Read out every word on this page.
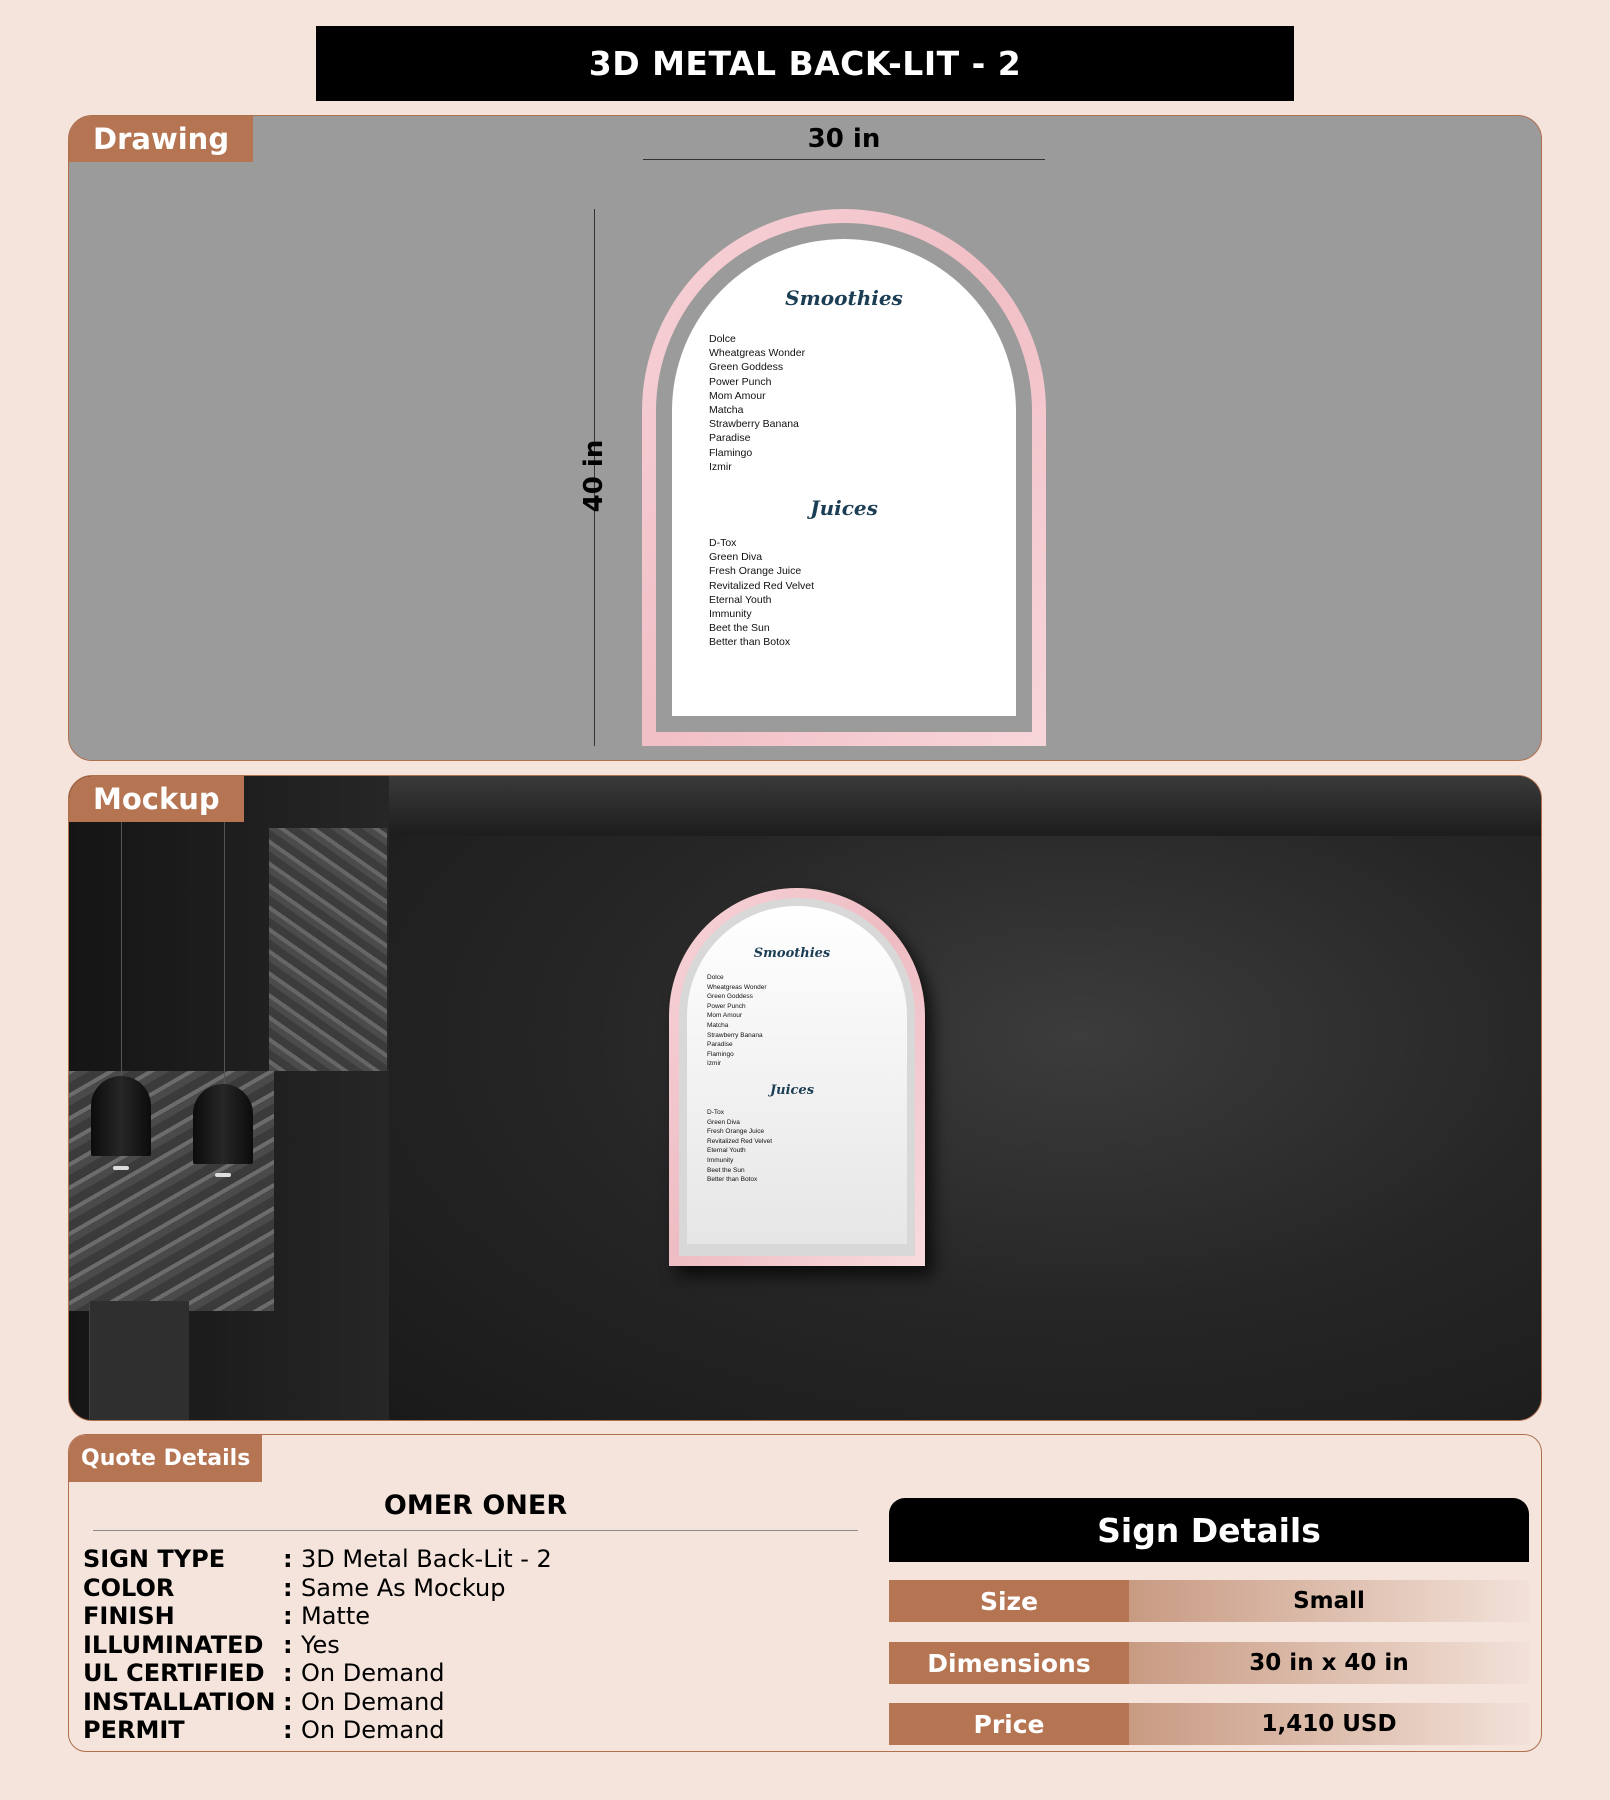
3D METAL BACK-LIT - 2
Drawing	30 in
40 in
Smoothies
Dolce
Wheatgreas Wonder
Green Goddess
Power Punch
Mom Amour
Matcha
Strawberry Banana
Paradise
Flamingo
Izmir
Juices
D-Tox
Green Diva
Fresh Orange Juice
Revitalized Red Velvet
Eternal Youth
Immunity
Beet the Sun
Better than Botox
Mockup
Smoothies
Dolce
Wheatgreas Wonder
Green Goddess
Power Punch
Mom Amour
Matcha
Strawberry Banana
Paradise
Flamingo
Izmir
Juices
D-Tox
Green Diva
Fresh Orange Juice
Revitalized Red Velvet
Eternal Youth
Immunity
Beet the Sun
Better than Botox
Quote Details
OMER ONER
SIGN TYPE	: 3D Metal Back-Lit - 2
COLOR	: Same As Mockup
FINISH	: Matte
ILLUMINATED : Yes
UL CERTIFIED : On Demand
INSTALLATION : On Demand
PERMIT	: On Demand
Sign Details
Size	Small
Dimensions	30 in x 40 in
Price	1,410 USD
